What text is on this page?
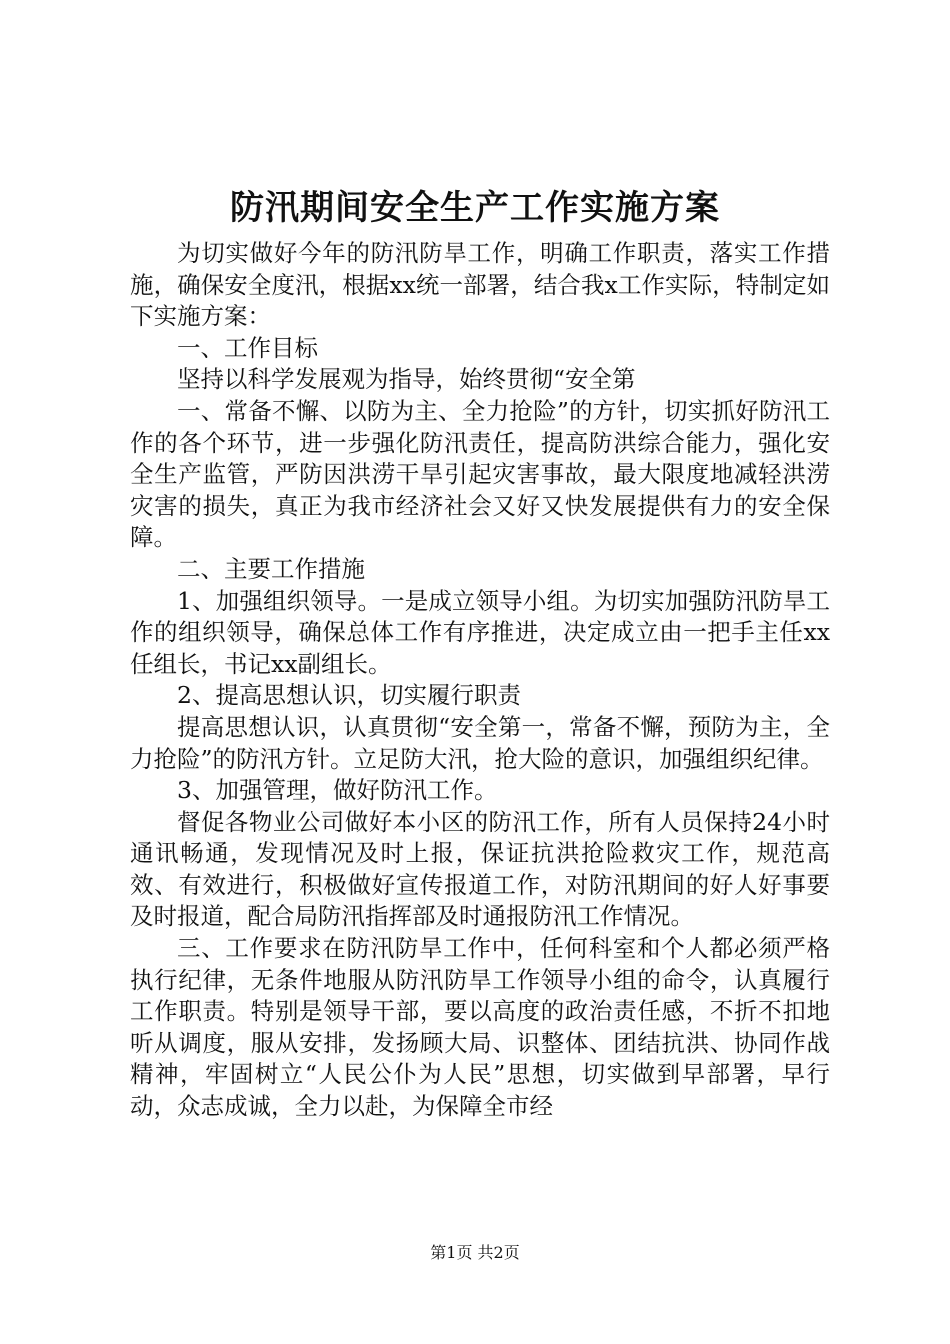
防汛期间安全生产工作实施方案

为切实做好今年的防汛防旱工作，明确工作职责，落实工作措施，确保安全度汛，根据xx统一部署，结合我x工作实际，特制定如下实施方案：

一、工作目标

坚持以科学发展观为指导，始终贯彻“安全第

一、常备不懈、以防为主、全力抢险”的方针，切实抓好防汛工作的各个环节，进一步强化防汛责任，提高防洪综合能力，强化安全生产监管，严防因洪涝干旱引起灾害事故，最大限度地减轻洪涝灾害的损失，真正为我市经济社会又好又快发展提供有力的安全保障。

二、主要工作措施

1、加强组织领导。一是成立领导小组。为切实加强防汛防旱工作的组织领导，确保总体工作有序推进，决定成立由一把手主任xx任组长，书记xx副组长。

2、提高思想认识，切实履行职责

提高思想认识，认真贯彻“安全第一，常备不懈，预防为主，全力抢险”的防汛方针。立足防大汛，抢大险的意识，加强组织纪律。

3、加强管理，做好防汛工作。

督促各物业公司做好本小区的防汛工作，所有人员保持24小时通讯畅通，发现情况及时上报，保证抗洪抢险救灾工作，规范高效、有效进行，积极做好宣传报道工作，对防汛期间的好人好事要及时报道，配合局防汛指挥部及时通报防汛工作情况。

三、工作要求在防汛防旱工作中，任何科室和个人都必须严格执行纪律，无条件地服从防汛防旱工作领导小组的命令，认真履行工作职责。特别是领导干部，要以高度的政治责任感，不折不扣地听从调度，服从安排，发扬顾大局、识整体、团结抗洪、协同作战精神，牢固树立“人民公仆为人民”思想，切实做到早部署，早行动，众志成诚，全力以赴，为保障全市经

第1页 共2页
